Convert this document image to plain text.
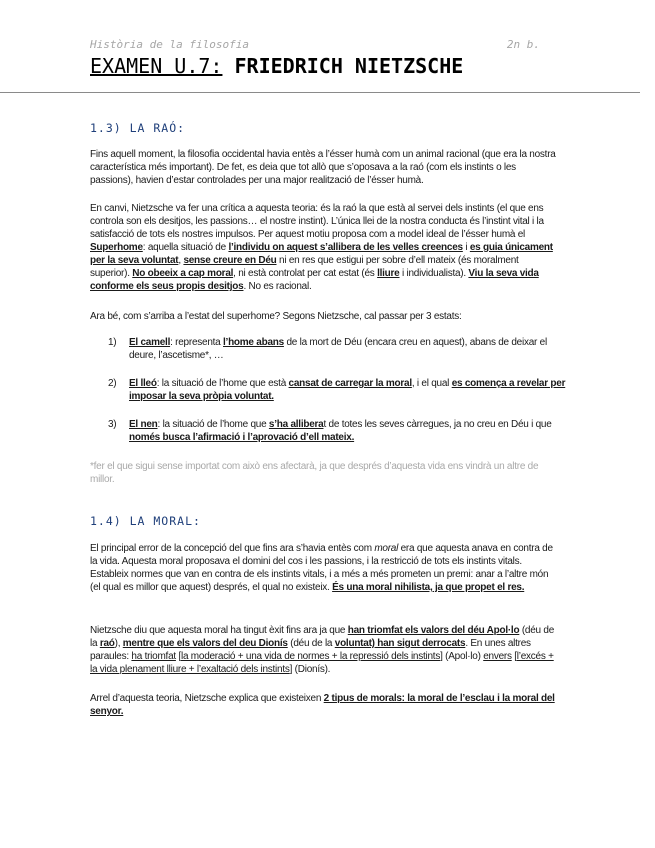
Història de la filosofia	2n b.
EXAMEN U.7: FRIEDRICH NIETZSCHE
1.3) LA RAÓ:
Fins aquell moment, la filosofia occidental havia entès a l’ésser humà com un animal racional (que era la nostra característica més important). De fet, es deia que tot allò que s’oposava a la raó (com els instints o les passions), havien d’estar controlades per una major realització de l’ésser humà.
En canvi, Nietzsche va fer una crítica a aquesta teoria: és la raó la que està al servei dels instints (el que ens controla son els desitjos, les passions… el nostre instint). L’única llei de la nostra conducta és l’instint vital i la satisfacció de tots els nostres impulsos. Per aquest motiu proposa com a model ideal de l’ésser humà el Superhome: aquella situació de l’individu on aquest s’allibera de les velles creences i es guia únicament per la seva voluntat, sense creure en Déu ni en res que estigui per sobre d’ell mateix (és moralment superior). No obeeix a cap moral, ni està controlat per cat estat (és lliure i individualista). Viu la seva vida conforme els seus propis desitjos. No es racional.
Ara bé, com s’arriba a l’estat del superhome? Segons Nietzsche, cal passar per 3 estats:
1) El camell: representa l’home abans de la mort de Déu (encara creu en aquest), abans de deixar el deure, l’ascetisme*, …
2) El lleó: la situació de l’home que està cansat de carregar la moral, i el qual es comença a revelar per imposar la seva pròpia voluntat.
3) El nen: la situació de l’home que s’ha alliberat de totes les seves càrregues, ja no creu en Déu i que només busca l’afirmació i l’aprovació d’ell mateix.
*fer el que sigui sense importat com això ens afectarà, ja que després d’aquesta vida ens vindrà un altre de millor.
1.4) LA MORAL:
El principal error de la concepció del que fins ara s’havia entès com moral era que aquesta anava en contra de la vida. Aquesta moral proposava el domini del cos i les passions, i la restricció de tots els instints vitals. Estableix normes que van en contra de els instints vitals, i a més a més prometen un premi: anar a l’altre món (el qual es millor que aquest) després, el qual no existeix. És una moral nihilista, ja que propet el res.
Nietzsche diu que aquesta moral ha tingut èxit fins ara ja que han triomfat els valors del déu Apol·lo (déu de la raó), mentre que els valors del deu Dionís (déu de la voluntat) han sigut derrocats. En unes altres paraules: ha triomfat [la moderació + una vida de normes + la repressió dels instints] (Apol·lo) envers [l’excés + la vida plenament lliure + l’exaltació dels instints] (Dionís).
Arrel d’aquesta teoria, Nietzsche explica que existeixen 2 tipus de morals: la moral de l’esclau i la moral del senyor.
